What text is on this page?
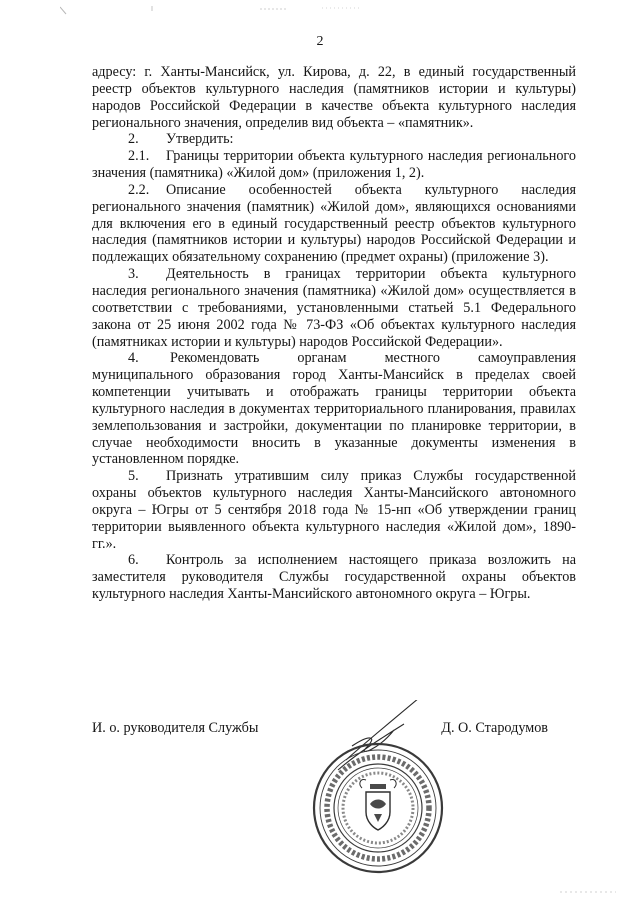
2

адресу: г. Ханты-Мансийск, ул. Кирова, д. 22, в единый государственный реестр объектов культурного наследия (памятников истории и культуры) народов Российской Федерации в качестве объекта культурного наследия регионального значения, определив вид объекта – «памятник».

2. Утвердить:

2.1. Границы территории объекта культурного наследия регионального значения (памятника) «Жилой дом» (приложения 1, 2).

2.2. Описание особенностей объекта культурного наследия регионального значения (памятник) «Жилой дом», являющихся основаниями для включения его в единый государственный реестр объектов культурного наследия (памятников истории и культуры) народов Российской Федерации и подлежащих обязательному сохранению (предмет охраны) (приложение 3).

3. Деятельность в границах территории объекта культурного наследия регионального значения (памятника) «Жилой дом» осуществляется в соответствии с требованиями, установленными статьей 5.1 Федерального закона от 25 июня 2002 года № 73-ФЗ «Об объектах культурного наследия (памятниках истории и культуры) народов Российской Федерации».

4. Рекомендовать органам местного самоуправления муниципального образования город Ханты-Мансийск в пределах своей компетенции учитывать и отображать границы территории объекта культурного наследия в документах территориального планирования, правилах землепользования и застройки, документации по планировке территории, в случае необходимости вносить в указанные документы изменения в установленном порядке.

5. Признать утратившим силу приказ Службы государственной охраны объектов культурного наследия Ханты-Мансийского автономного округа – Югры от 5 сентября 2018 года № 15-нп «Об утверждении границ территории выявленного объекта культурного наследия «Жилой дом», 1890-гг.».

6. Контроль за исполнением настоящего приказа возложить на заместителя руководителя Службы государственной охраны объектов культурного наследия Ханты-Мансийского автономного округа – Югры.

И. о. руководителя Службы	Д. О. Стародумов
